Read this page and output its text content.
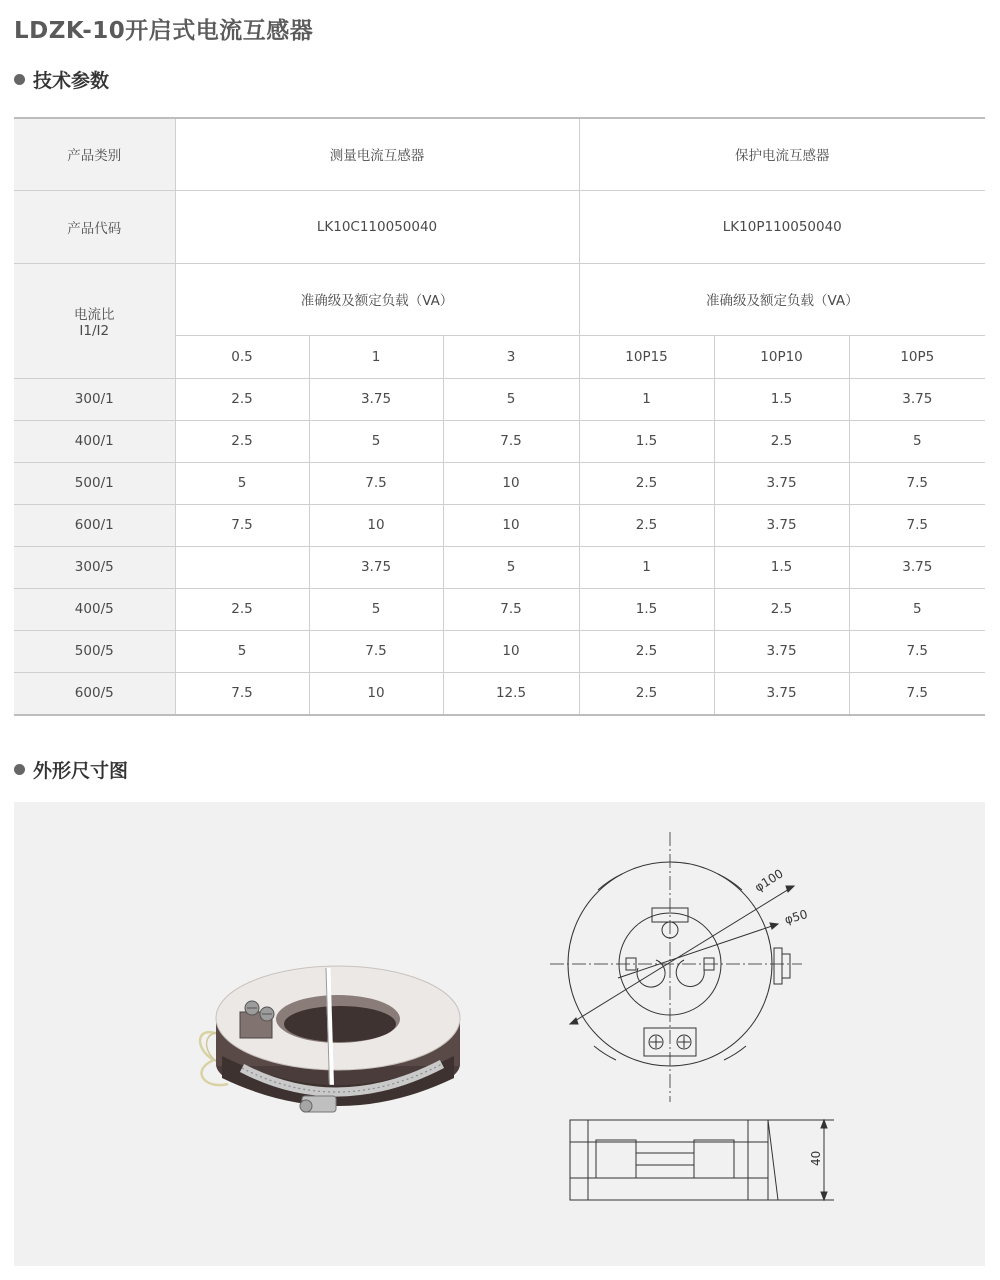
LDZK-10开启式电流互感器
技术参数
产品类别	测量电流互感器			保护电流互感器		
产品代码	LK10C110050040			LK10P110050040		

电流比
I1/I2	准确级及额定负载（VA）			准确级及额定负载（VA）		
	0.5	1	3	10P15	10P10	10P5
300/1	2.5	3.75	5	1	1.5	3.75
400/1	2.5	5	7.5	1.5	2.5	5
500/1	5	7.5	10	2.5	3.75	7.5
600/1	7.5	10	10	2.5	3.75	7.5
300/5		3.75	5	1	1.5	3.75
400/5	2.5	5	7.5	1.5	2.5	5
500/5	5	7.5	10	2.5	3.75	7.5
600/5	7.5	10	12.5	2.5	3.75	7.5
外形尺寸图
φ100
φ50
40
